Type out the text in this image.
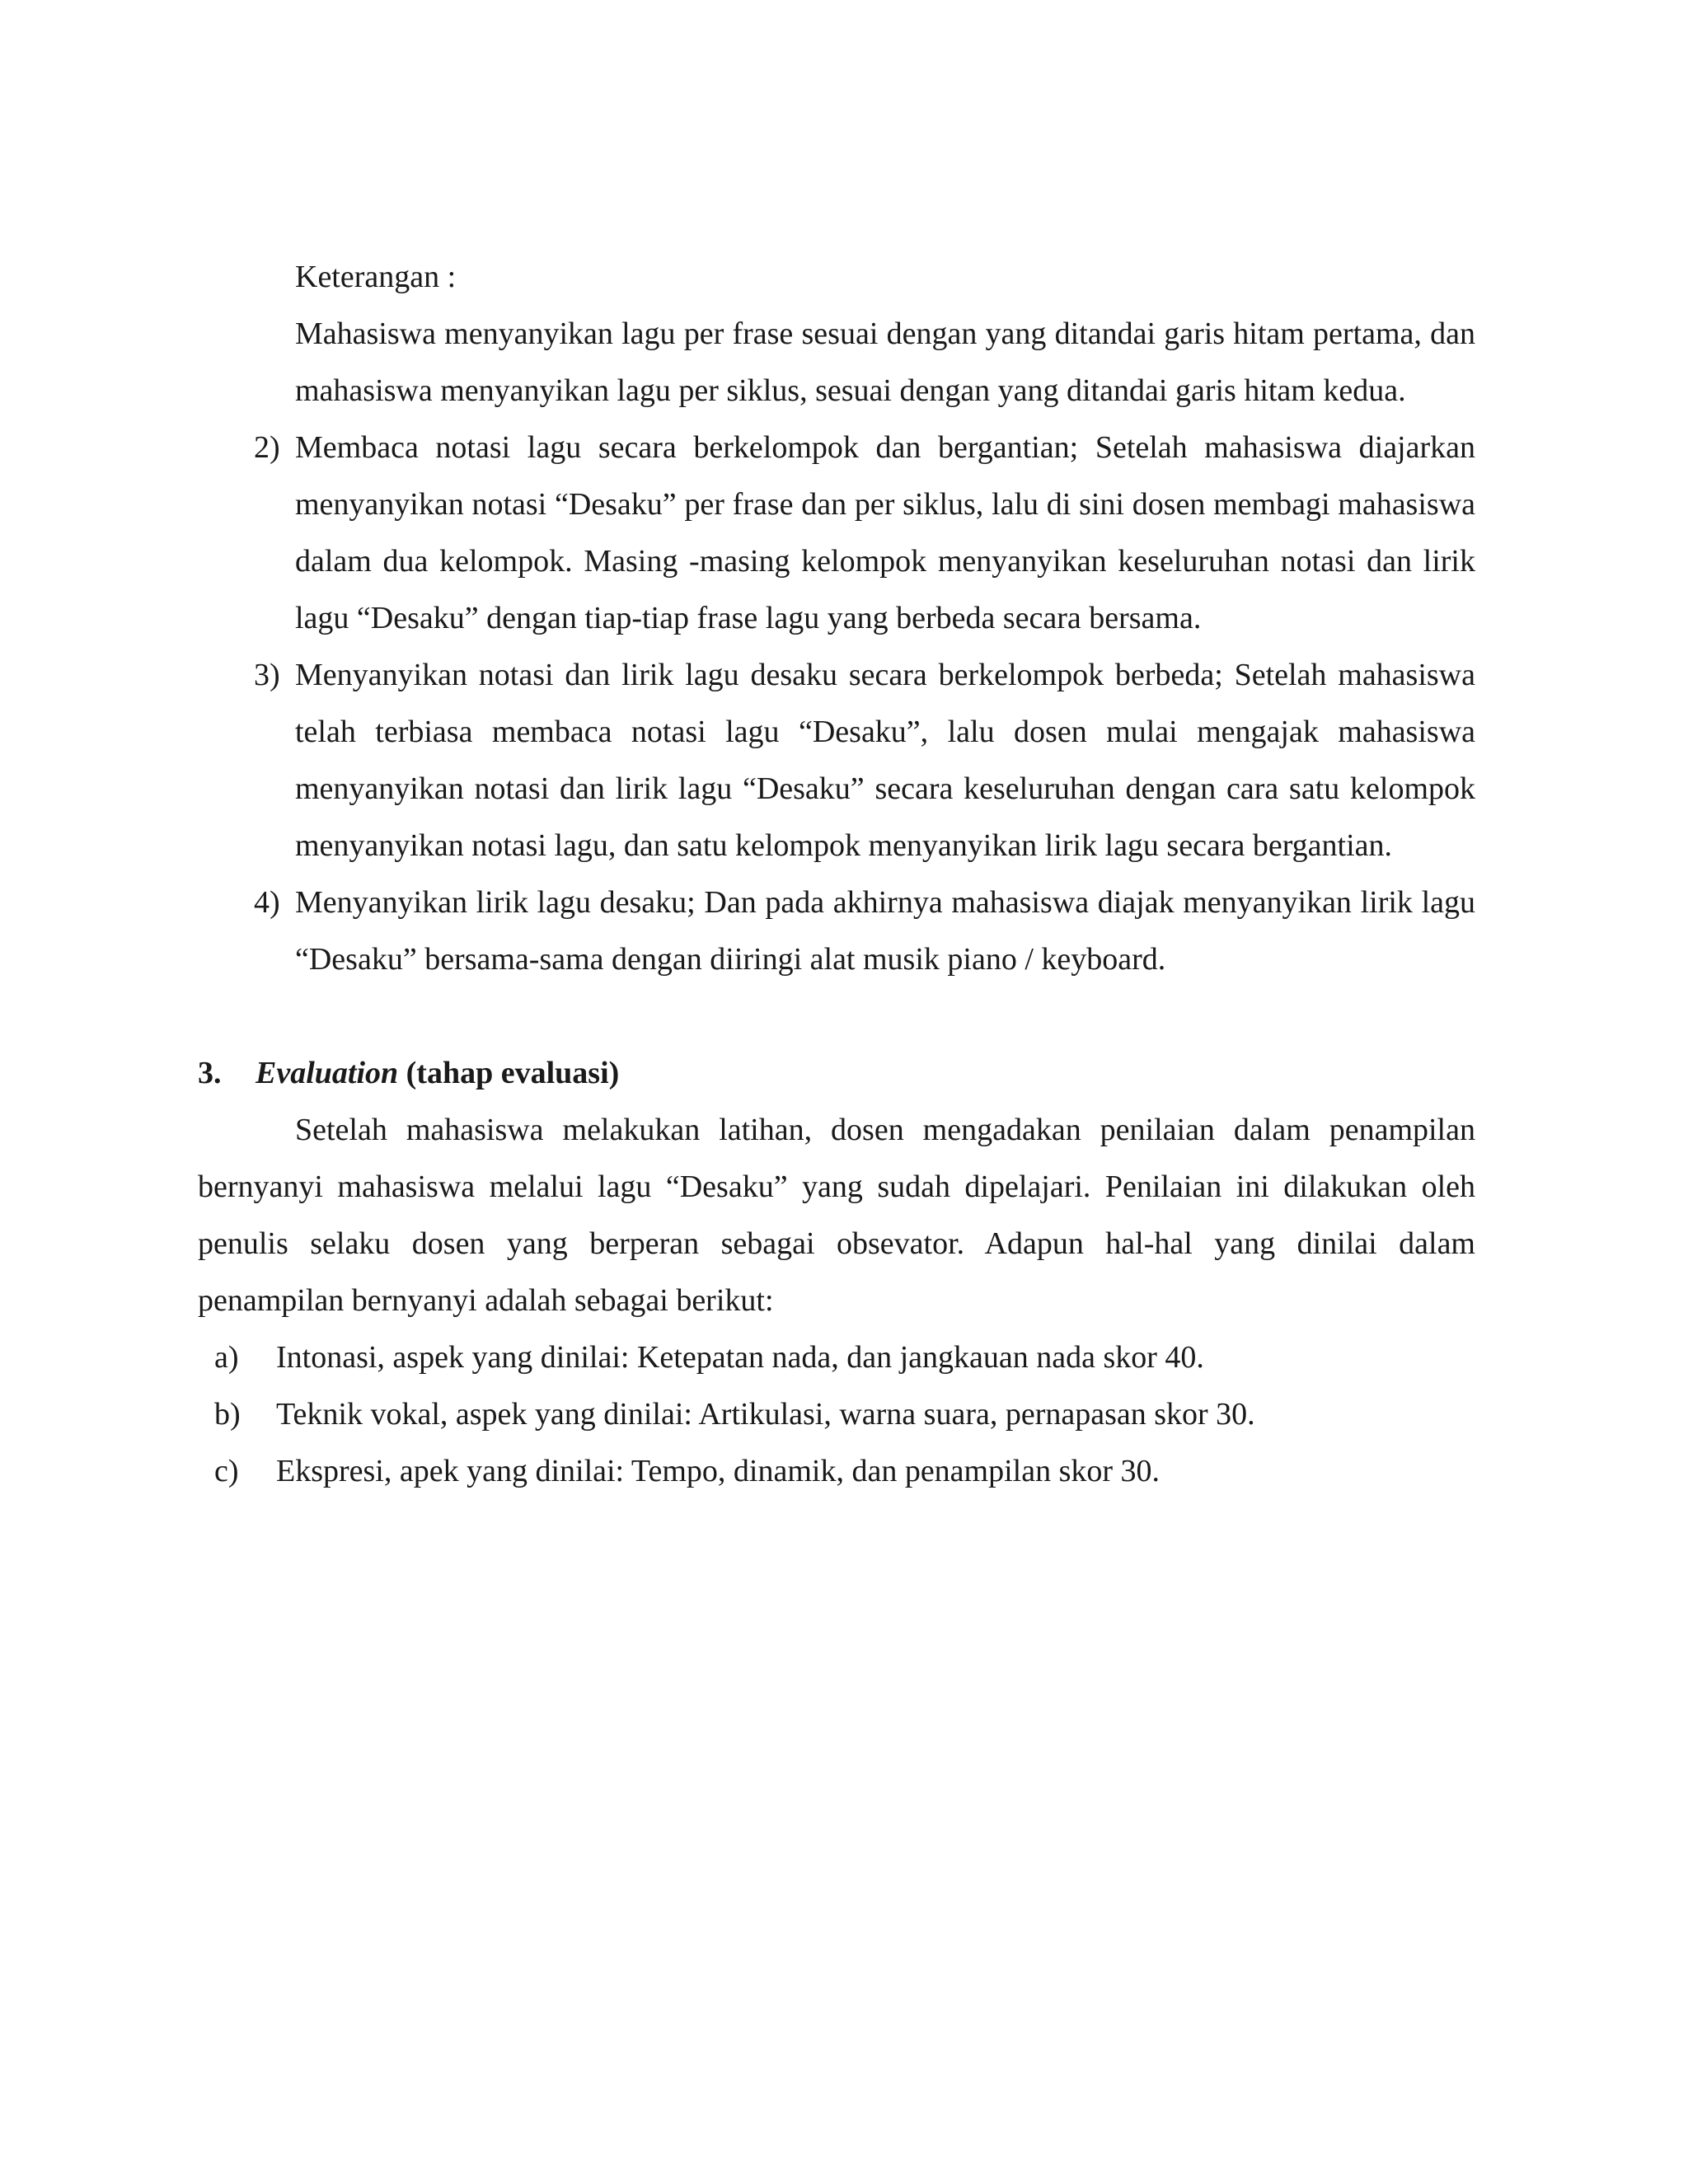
Keterangan :

Mahasiswa menyanyikan lagu per frase sesuai dengan yang ditandai garis hitam pertama, dan mahasiswa menyanyikan lagu per siklus, sesuai dengan yang ditandai garis hitam kedua.

2) Membaca notasi lagu secara berkelompok dan bergantian; Setelah mahasiswa diajarkan menyanyikan notasi “Desaku” per frase dan per siklus, lalu di sini dosen membagi mahasiswa dalam dua kelompok. Masing -masing kelompok menyanyikan keseluruhan notasi dan lirik lagu “Desaku” dengan tiap-tiap frase lagu yang berbeda secara bersama.
3) Menyanyikan notasi dan lirik lagu desaku secara berkelompok berbeda; Setelah mahasiswa telah terbiasa membaca notasi lagu “Desaku”, lalu dosen mulai mengajak mahasiswa menyanyikan notasi dan lirik lagu “Desaku” secara keseluruhan dengan cara satu kelompok menyanyikan notasi lagu, dan satu kelompok menyanyikan lirik lagu secara bergantian.
4) Menyanyikan lirik lagu desaku; Dan pada akhirnya mahasiswa diajak menyanyikan lirik lagu “Desaku” bersama-sama dengan diiringi alat musik piano / keyboard.

3. Evaluation (tahap evaluasi)

Setelah mahasiswa melakukan latihan, dosen mengadakan penilaian dalam penampilan bernyanyi mahasiswa melalui lagu “Desaku” yang sudah dipelajari. Penilaian ini dilakukan oleh penulis selaku dosen yang berperan sebagai obsevator. Adapun hal-hal yang dinilai dalam penampilan bernyanyi adalah sebagai berikut:

a) Intonasi, aspek yang dinilai: Ketepatan nada, dan jangkauan nada skor 40.
b) Teknik vokal, aspek yang dinilai: Artikulasi, warna suara, pernapasan skor 30.
c) Ekspresi, apek yang dinilai: Tempo, dinamik, dan penampilan skor 30.
